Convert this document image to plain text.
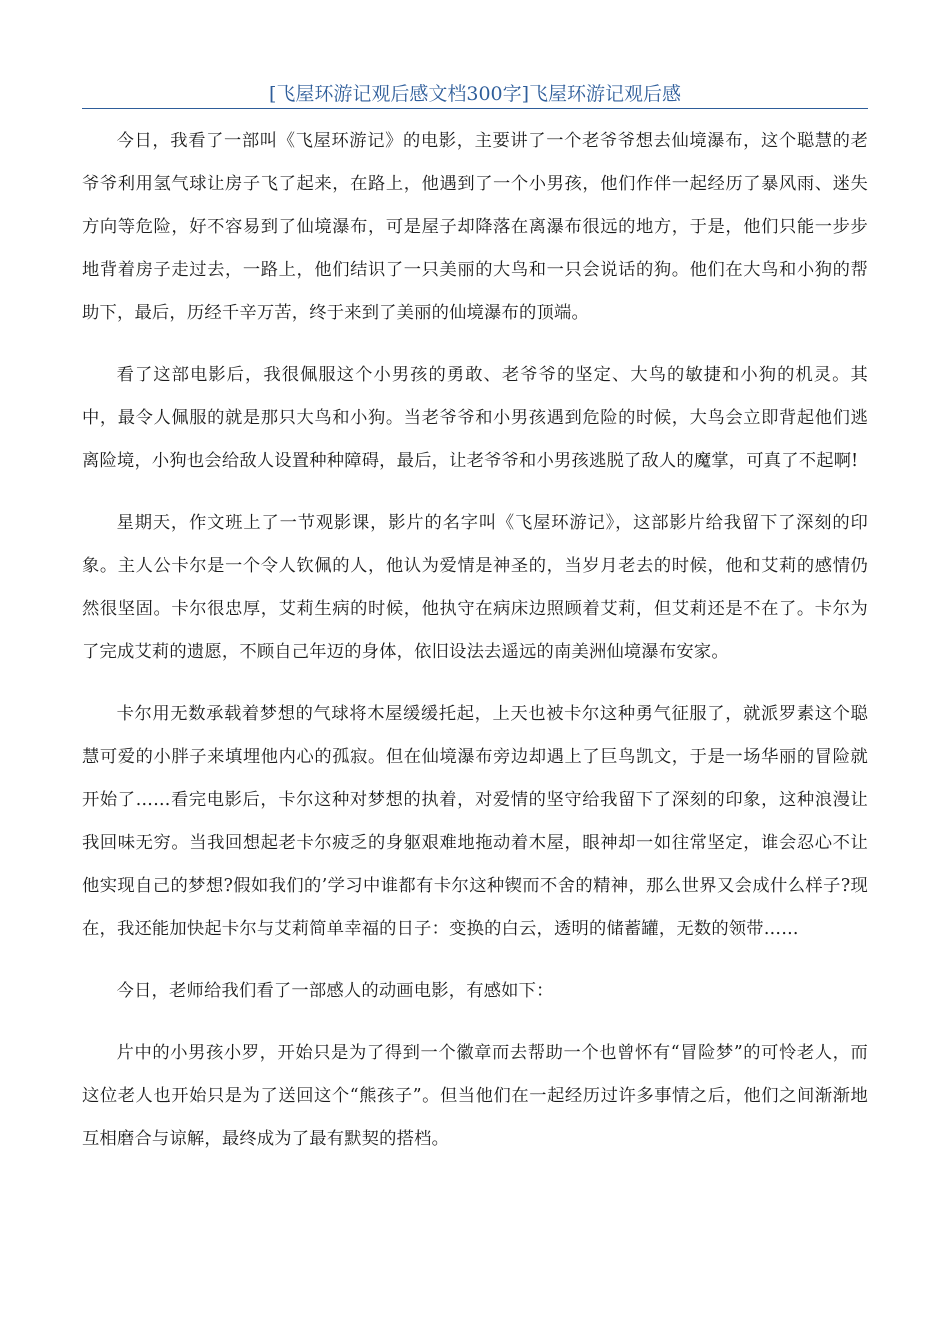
[飞屋环游记观后感文档300字]飞屋环游记观后感

今日，我看了一部叫《飞屋环游记》的电影，主要讲了一个老爷爷想去仙境瀑布，这个聪慧的老爷爷利用氢气球让房子飞了起来，在路上，他遇到了一个小男孩，他们作伴一起经历了暴风雨、迷失方向等危险，好不容易到了仙境瀑布，可是屋子却降落在离瀑布很远的地方，于是，他们只能一步步地背着房子走过去，一路上，他们结识了一只美丽的大鸟和一只会说话的狗。他们在大鸟和小狗的帮助下，最后，历经千辛万苦，终于来到了美丽的仙境瀑布的顶端。

看了这部电影后，我很佩服这个小男孩的勇敢、老爷爷的坚定、大鸟的敏捷和小狗的机灵。其中，最令人佩服的就是那只大鸟和小狗。当老爷爷和小男孩遇到危险的时候，大鸟会立即背起他们逃离险境，小狗也会给敌人设置种种障碍，最后，让老爷爷和小男孩逃脱了敌人的魔掌，可真了不起啊!

星期天，作文班上了一节观影课，影片的名字叫《飞屋环游记》，这部影片给我留下了深刻的印象。主人公卡尔是一个令人钦佩的人，他认为爱情是神圣的，当岁月老去的时候，他和艾莉的感情仍然很坚固。卡尔很忠厚，艾莉生病的时候，他执守在病床边照顾着艾莉，但艾莉还是不在了。卡尔为了完成艾莉的遗愿，不顾自己年迈的身体，依旧设法去遥远的南美洲仙境瀑布安家。

卡尔用无数承载着梦想的气球将木屋缓缓托起，上天也被卡尔这种勇气征服了，就派罗素这个聪慧可爱的小胖子来填埋他内心的孤寂。但在仙境瀑布旁边却遇上了巨鸟凯文，于是一场华丽的冒险就开始了……看完电影后，卡尔这种对梦想的执着，对爱情的坚守给我留下了深刻的印象，这种浪漫让我回味无穷。当我回想起老卡尔疲乏的身躯艰难地拖动着木屋，眼神却一如往常坚定，谁会忍心不让他实现自己的梦想?假如我们的’学习中谁都有卡尔这种锲而不舍的精神，那么世界又会成什么样子?现在，我还能加快起卡尔与艾莉简单幸福的日子：变换的白云，透明的储蓄罐，无数的领带……

今日，老师给我们看了一部感人的动画电影，有感如下：

片中的小男孩小罗，开始只是为了得到一个徽章而去帮助一个也曾怀有“冒险梦”的可怜老人，而这位老人也开始只是为了送回这个“熊孩子”。但当他们在一起经历过许多事情之后，他们之间渐渐地互相磨合与谅解，最终成为了最有默契的搭档。
